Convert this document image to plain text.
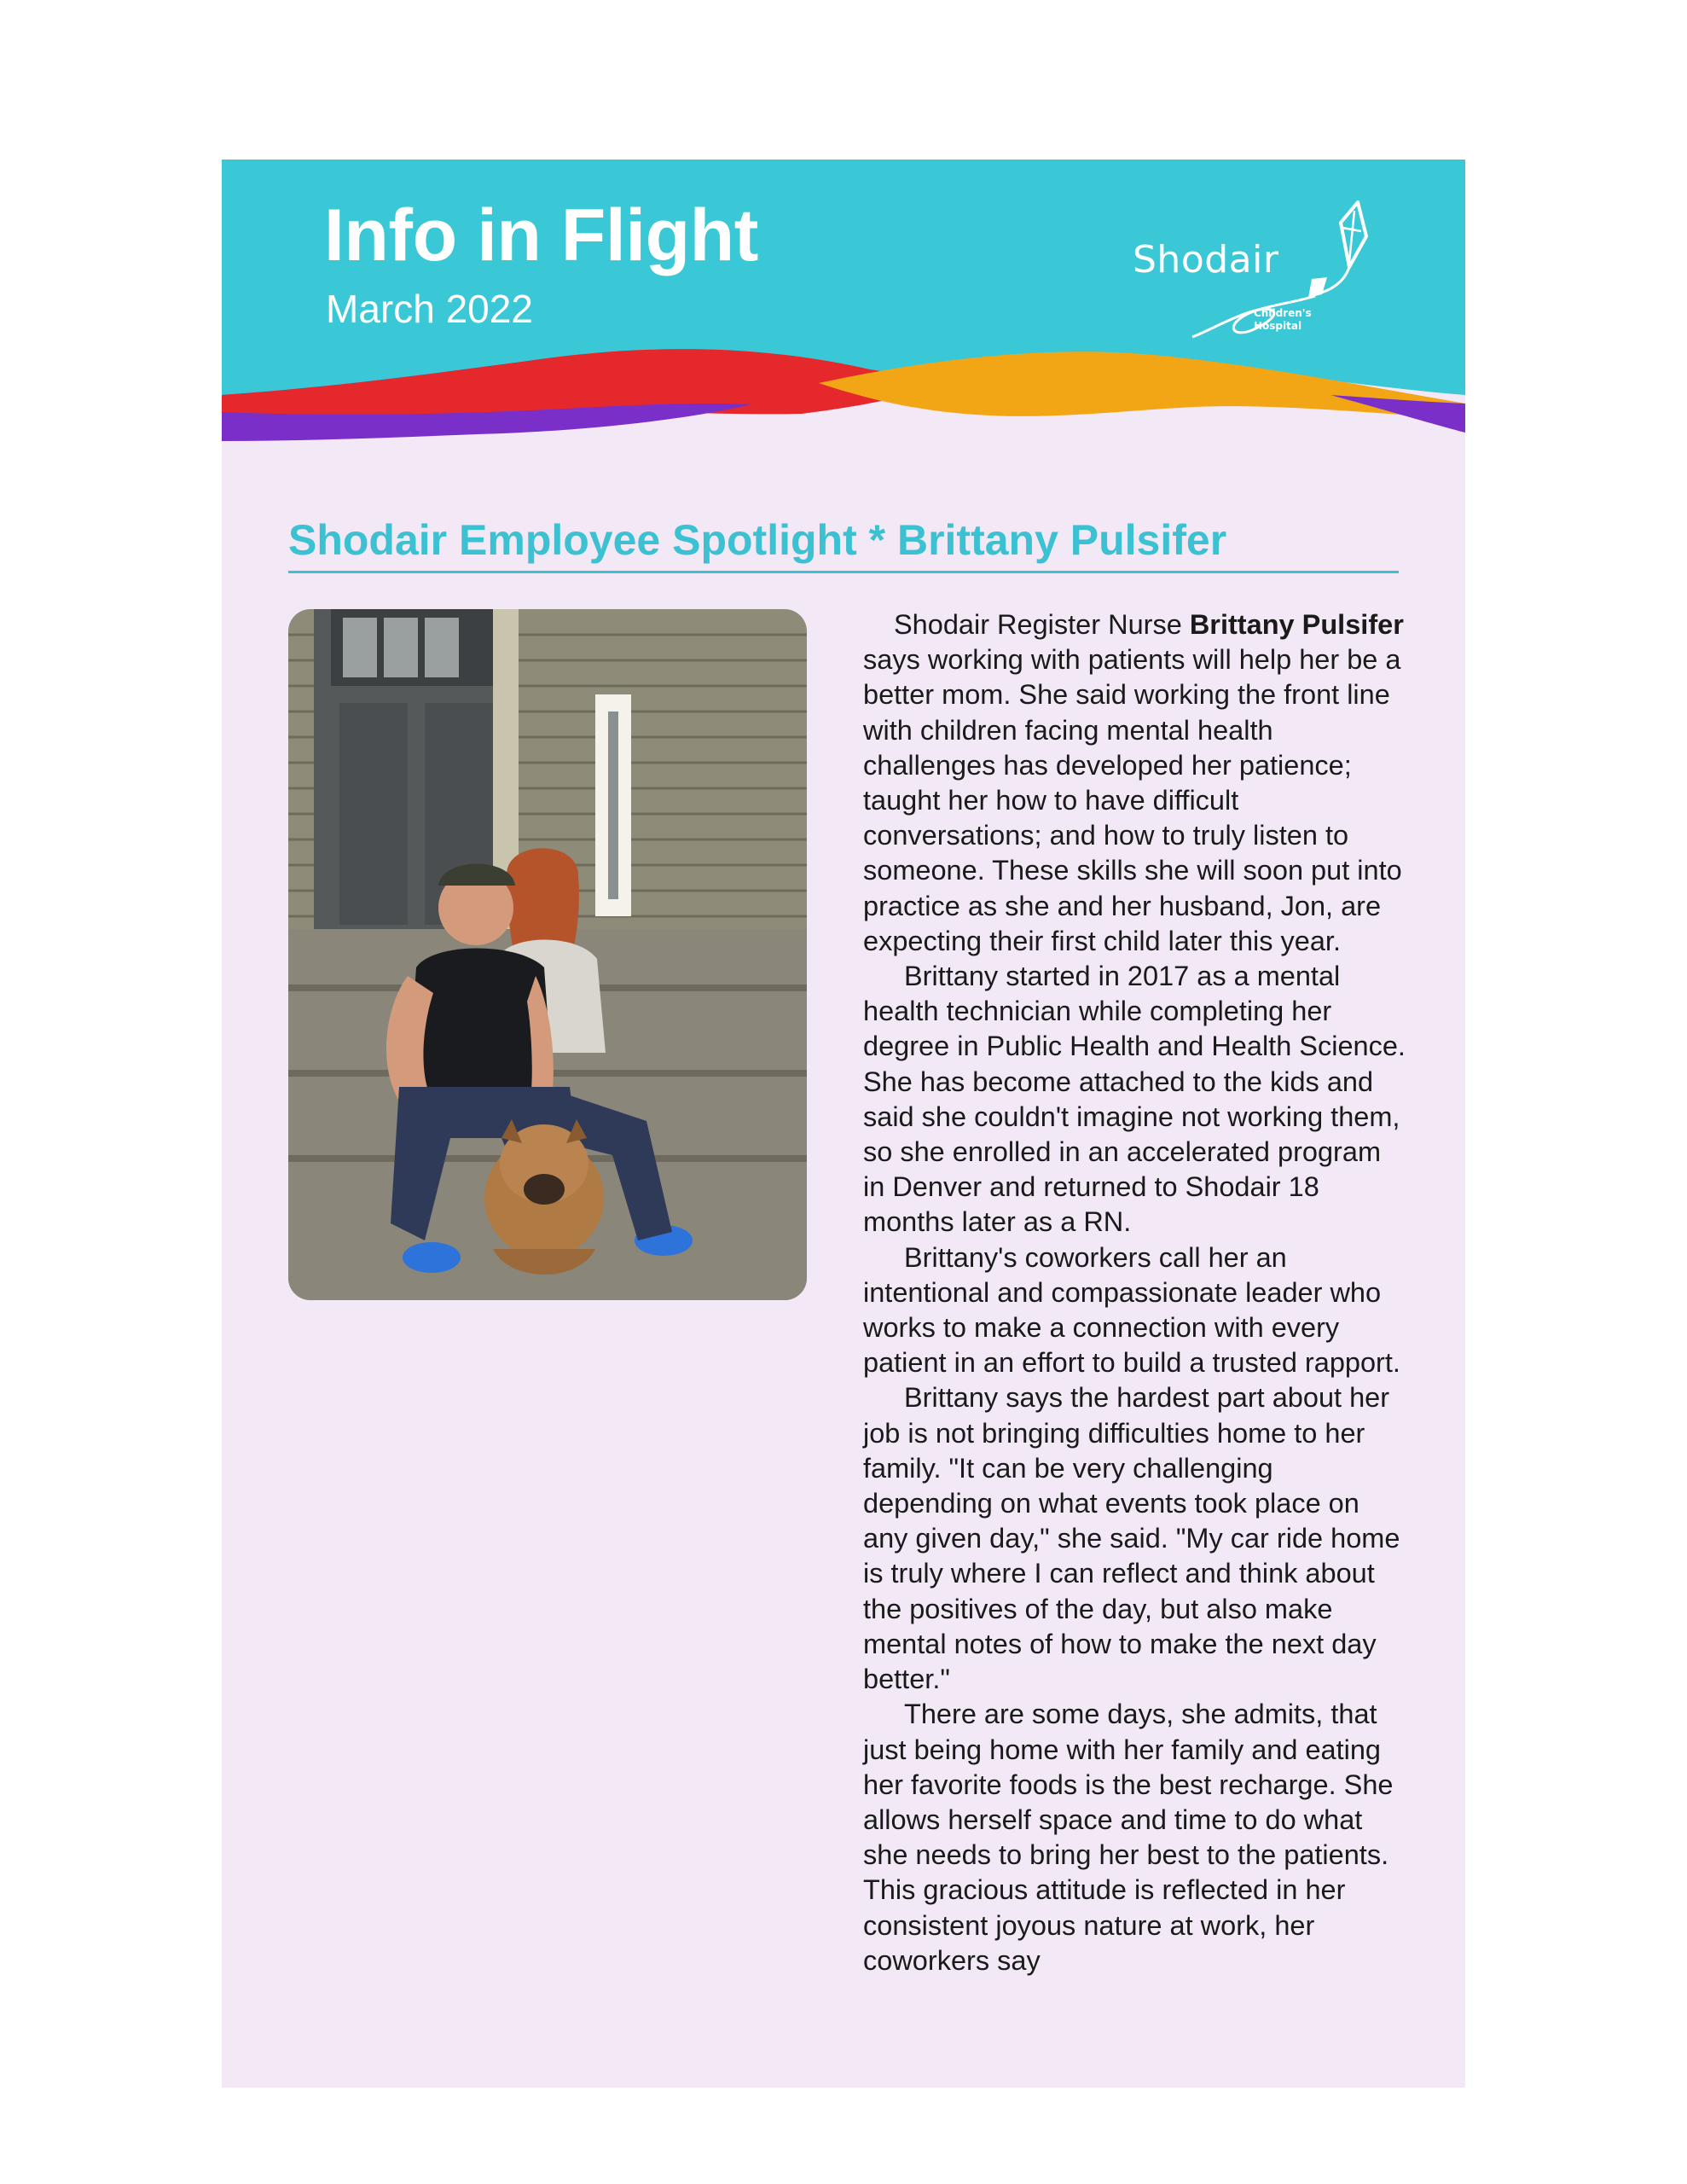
Info in Flight
March 2022
Shodair
Children's
Hospital
Shodair Employee Spotlight * Brittany Pulsifer

Shodair Register Nurse Brittany Pulsifer says working with patients will help her be a better mom. She said working the front line with children facing mental health challenges has developed her patience; taught her how to have difficult conversations; and how to truly listen to someone. These skills she will soon put into practice as she and her husband, Jon, are expecting their first child later this year.

Brittany started in 2017 as a mental health technician while completing her degree in Public Health and Health Science. She has become attached to the kids and said she couldn't imagine not working them, so she enrolled in an accelerated program in Denver and returned to Shodair 18 months later as a RN.

Brittany's coworkers call her an intentional and compassionate leader who works to make a connection with every patient in an effort to build a trusted rapport.

Brittany says the hardest part about her job is not bringing difficulties home to her family. "It can be very challenging depending on what events took place on any given day," she said. "My car ride home is truly where I can reflect and think about the positives of the day, but also make mental notes of how to make the next day better."

There are some days, she admits, that just being home with her family and eating her favorite foods is the best recharge. She allows herself space and time to do what she needs to bring her best to the patients. This gracious attitude is reflected in her consistent joyous nature at work, her coworkers say
